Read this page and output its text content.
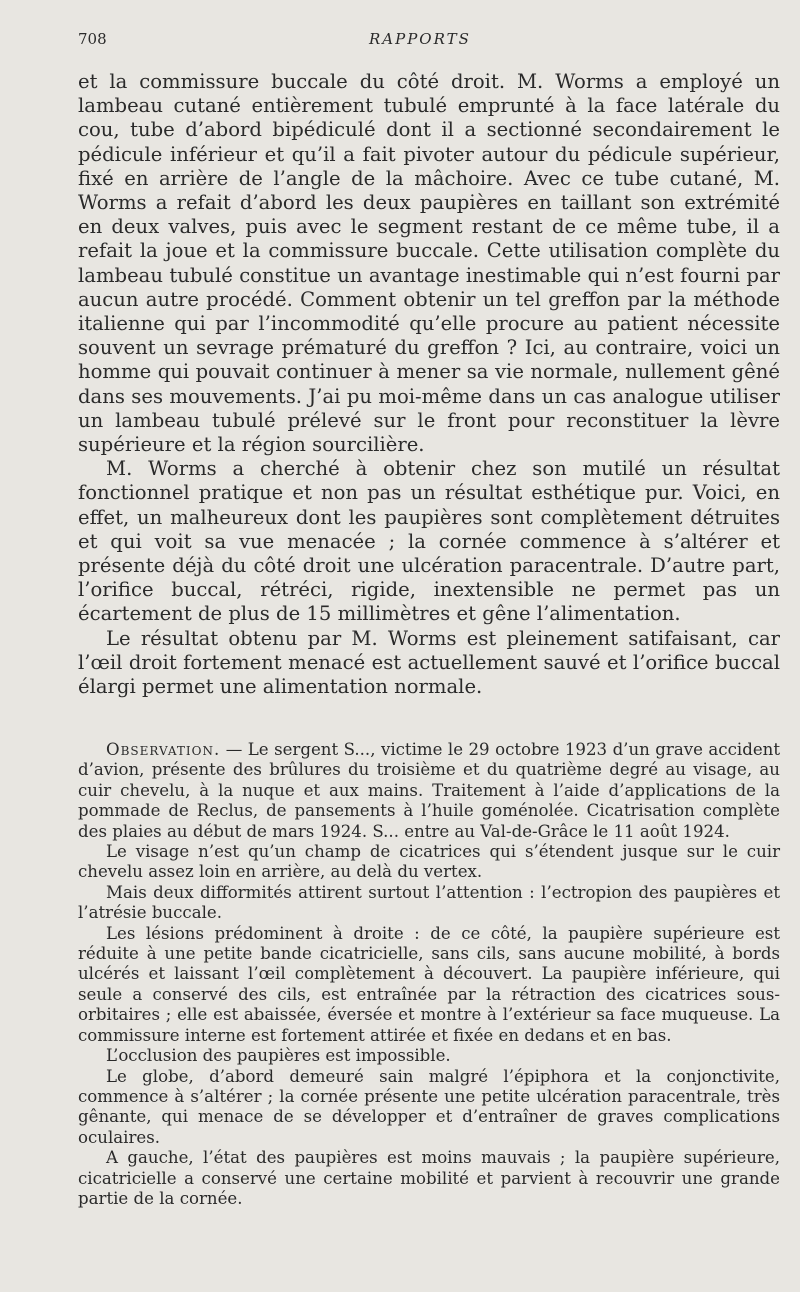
708	RAPPORTS

et la commissure buccale du côté droit. M. Worms a employé un lambeau cutané entièrement tubulé emprunté à la face latérale du cou, tube d’abord bipédiculé dont il a sectionné secondairement le pédicule inférieur et qu’il a fait pivoter autour du pédicule supérieur, fixé en arrière de l’angle de la mâchoire. Avec ce tube cutané, M. Worms a refait d’abord les deux paupières en taillant son extrémité en deux valves, puis avec le segment restant de ce même tube, il a refait la joue et la commissure buccale. Cette utilisation complète du lambeau tubulé constitue un avantage inestimable qui n’est fourni par aucun autre procédé. Comment obtenir un tel greffon par la méthode italienne qui par l’incommodité qu’elle procure au patient nécessite souvent un sevrage prématuré du greffon ? Ici, au contraire, voici un homme qui pouvait continuer à mener sa vie normale, nullement gêné dans ses mouvements. J’ai pu moi-même dans un cas analogue utiliser un lambeau tubulé prélevé sur le front pour reconstituer la lèvre supérieure et la région sourcilière.

M. Worms a cherché à obtenir chez son mutilé un résultat fonctionnel pratique et non pas un résultat esthétique pur. Voici, en effet, un malheureux dont les paupières sont complètement détruites et qui voit sa vue menacée ; la cornée commence à s’altérer et présente déjà du côté droit une ulcération paracentrale. D’autre part, l’orifice buccal, rétréci, rigide, inextensible ne permet pas un écartement de plus de 15 millimètres et gêne l’alimentation.

Le résultat obtenu par M. Worms est pleinement satifaisant, car l’œil droit fortement menacé est actuellement sauvé et l’orifice buccal élargi permet une alimentation normale.

Observation. — Le sergent S..., victime le 29 octobre 1923 d’un grave accident d’avion, présente des brûlures du troisième et du quatrième degré au visage, au cuir chevelu, à la nuque et aux mains. Traitement à l’aide d’applications de la pommade de Reclus, de pansements à l’huile goménolée. Cicatrisation complète des plaies au début de mars 1924. S... entre au Val-de-Grâce le 11 août 1924.

Le visage n’est qu’un champ de cicatrices qui s’étendent jusque sur le cuir chevelu assez loin en arrière, au delà du vertex.

Mais deux difformités attirent surtout l’attention : l’ectropion des paupières et l’atrésie buccale.

Les lésions prédominent à droite : de ce côté, la paupière supérieure est réduite à une petite bande cicatricielle, sans cils, sans aucune mobilité, à bords ulcérés et laissant l’œil complètement à découvert. La paupière inférieure, qui seule a conservé des cils, est entraînée par la rétraction des cicatrices sous-orbitaires ; elle est abaissée, éversée et montre à l’extérieur sa face muqueuse. La commissure interne est fortement attirée et fixée en dedans et en bas.

L’occlusion des paupières est impossible.

Le globe, d’abord demeuré sain malgré l’épiphora et la conjonctivite, commence à s’altérer ; la cornée présente une petite ulcération paracentrale, très gênante, qui menace de se développer et d’entraîner de graves complications oculaires.

A gauche, l’état des paupières est moins mauvais ; la paupière supérieure, cicatricielle a conservé une certaine mobilité et parvient à recouvrir une grande partie de la cornée.
